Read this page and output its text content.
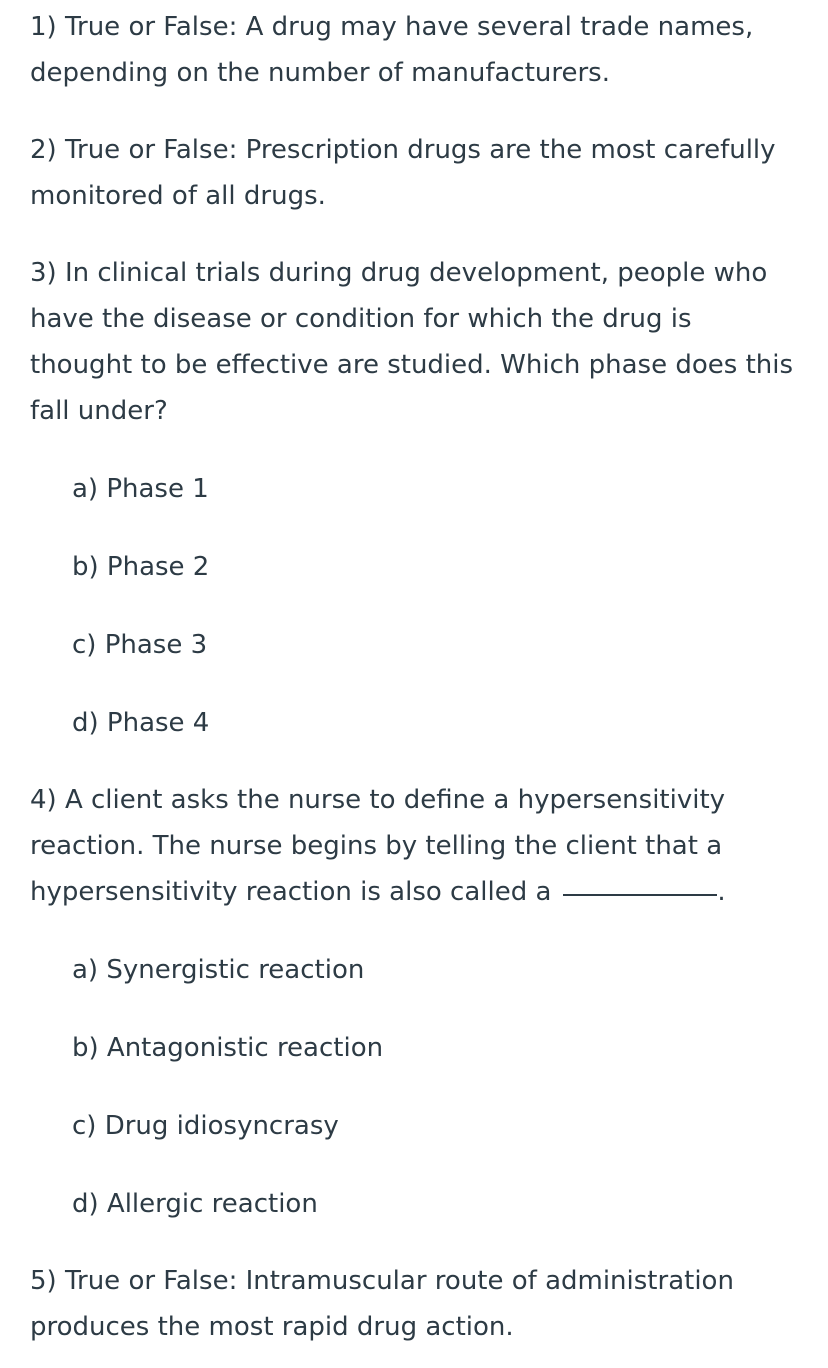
1) True or False: A drug may have several trade names, depending on the number of manufacturers.

2) True or False: Prescription drugs are the most carefully monitored of all drugs.

3) In clinical trials during drug development, people who have the disease or condition for which the drug is thought to be effective are studied. Which phase does this fall under?

a) Phase 1
b) Phase 2
c) Phase 3
d) Phase 4

4) A client asks the nurse to define a hypersensitivity reaction. The nurse begins by telling the client that a hypersensitivity reaction is also called a	.

a) Synergistic reaction
b) Antagonistic reaction
c) Drug idiosyncrasy
d) Allergic reaction

5) True or False: Intramuscular route of administration produces the most rapid drug action.
